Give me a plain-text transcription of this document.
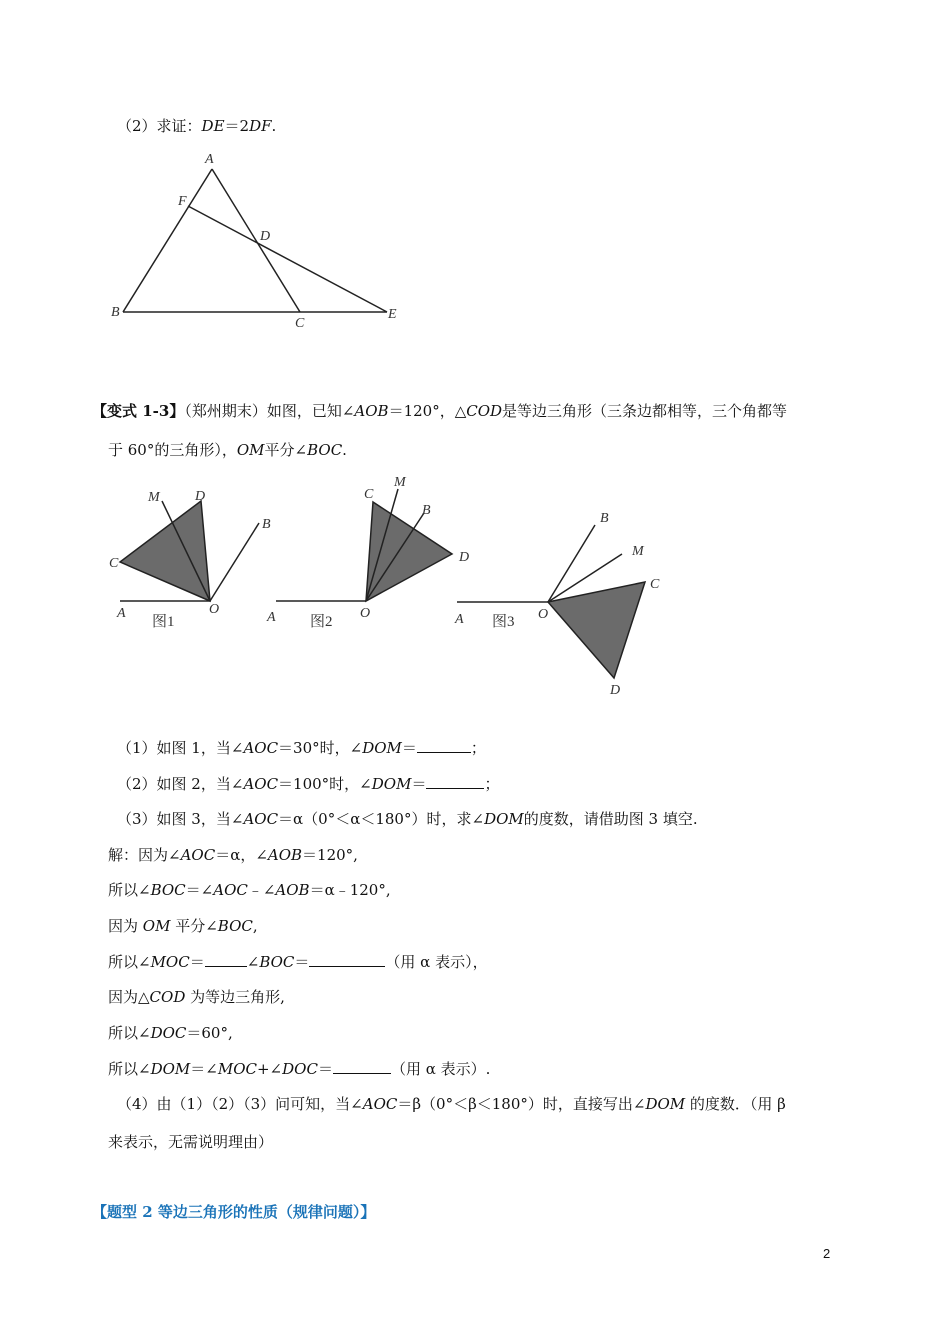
（2）求证：DE＝2DF.
A
F
D
B
C
E
【变式 1-3】（郑州期末）如图，已知∠AOB＝120°，△COD是等边三角形（三条边都相等，三个角都等
于 60°的三角形），OM平分∠BOC.
M	D
B
C
A	O
图1
C
M
B
D
A	O
图2
B
M
C
A	O
D
图3
（1）如图 1，当∠AOC＝30°时，∠DOM＝	；
（2）如图 2，当∠AOC＝100°时，∠DOM＝	；
（3）如图 3，当∠AOC＝α（0°＜α＜180°）时，求∠DOM的度数，请借助图 3 填空.
解：因为∠AOC＝α，∠AOB＝120°,
所以∠BOC＝∠AOC﹣∠AOB＝α﹣120°,
因为 OM 平分∠BOC,
所以∠MOC＝	∠BOC＝	（用 α 表示），
因为△COD 为等边三角形,
所以∠DOC＝60°,
所以∠DOM＝∠MOC+∠DOC＝	（用 α 表示）.
（4）由（1）（2）（3）问可知，当∠AOC＝β（0°＜β＜180°）时，直接写出∠DOM 的度数．（用 β
来表示，无需说明理由）
【题型 2 等边三角形的性质（规律问题）】
2
